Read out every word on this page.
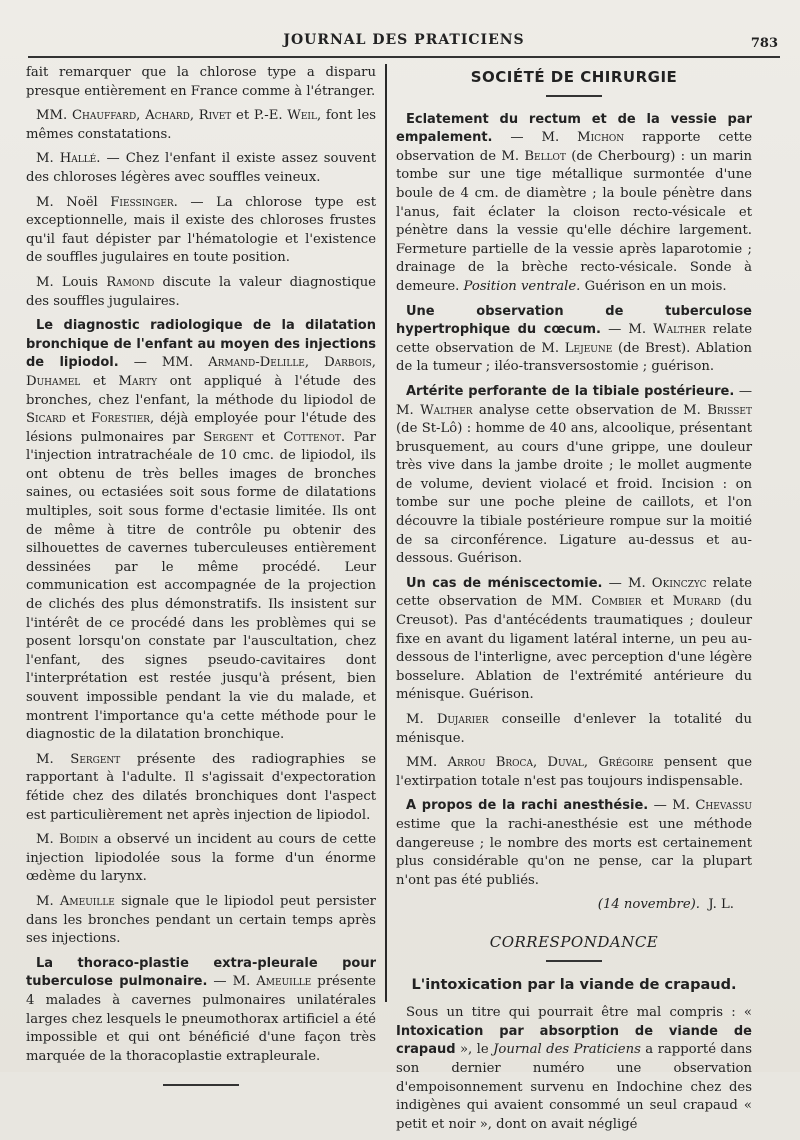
JOURNAL DES PRATICIENS	783

fait remarquer que la chlorose type a disparu presque entièrement en France comme à l'étranger.

MM. Chauffard, Achard, Rivet et P.-E. Weil, font les mêmes constatations.

M. Hallé. — Chez l'enfant il existe assez souvent des chloroses légères avec souffles veineux.

M. Noël Fiessinger. — La chlorose type est exceptionnelle, mais il existe des chloroses frustes qu'il faut dépister par l'hématologie et l'existence de souffles jugulaires en toute position.

M. Louis Ramond discute la valeur diagnostique des souffles jugulaires.

Le diagnostic radiologique de la dilatation bronchique de l'enfant au moyen des injections de lipiodol. — MM. Armand-Delille, Darbois, Duhamel et Marty ont appliqué à l'étude des bronches, chez l'enfant, la méthode du lipiodol de Sicard et Forestier, déjà employée pour l'étude des lésions pulmonaires par Sergent et Cottenot. Par l'injection intratrachéale de 10 cmc. de lipiodol, ils ont obtenu de très belles images de bronches saines, ou ectasiées soit sous forme de dilatations multiples, soit sous forme d'ectasie limitée. Ils ont de même à titre de contrôle pu obtenir des silhouettes de cavernes tuberculeuses entièrement dessinées par le même procédé. Leur communication est accompagnée de la projection de clichés des plus démonstratifs. Ils insistent sur l'intérêt de ce procédé dans les problèmes qui se posent lorsqu'on constate par l'auscultation, chez l'enfant, des signes pseudo-cavitaires dont l'interprétation est restée jusqu'à présent, bien souvent impossible pendant la vie du malade, et montrent l'importance qu'a cette méthode pour le diagnostic de la dilatation bronchique.

M. Sergent présente des radiographies se rapportant à l'adulte. Il s'agissait d'expectoration fétide chez des dilatés bronchiques dont l'aspect est particulièrement net après injection de lipiodol.

M. Boidin a observé un incident au cours de cette injection lipiodolée sous la forme d'un énorme œdème du larynx.

M. Ameuille signale que le lipiodol peut persister dans les bronches pendant un certain temps après ses injections.

La thoraco-plastie extra-pleurale pour tuberculose pulmonaire. — M. Ameuille présente 4 malades à cavernes pulmonaires unilatérales larges chez lesquels le pneumothorax artificiel a été impossible et qui ont bénéficié d'une façon très marquée de la thoracoplastie extrapleurale.

SOCIÉTÉ DE CHIRURGIE

Eclatement du rectum et de la vessie par empalement. — M. Michon rapporte cette observation de M. Bellot (de Cherbourg) : un marin tombe sur une tige métallique surmontée d'une boule de 4 cm. de diamètre ; la boule pénètre dans l'anus, fait éclater la cloison recto-vésicale et pénètre dans la vessie qu'elle déchire largement. Fermeture partielle de la vessie après laparotomie ; drainage de la brèche recto-vésicale. Sonde à demeure. Position ventrale. Guérison en un mois.

Une observation de tuberculose hypertrophique du cœcum. — M. Walther relate cette observation de M. Lejeune (de Brest). Ablation de la tumeur ; iléo-transversostomie ; guérison.

Artérite perforante de la tibiale postérieure. — M. Walther analyse cette observation de M. Brisset (de St-Lô) : homme de 40 ans, alcoolique, présentant brusquement, au cours d'une grippe, une douleur très vive dans la jambe droite ; le mollet augmente de volume, devient violacé et froid. Incision : on tombe sur une poche pleine de caillots, et l'on découvre la tibiale postérieure rompue sur la moitié de sa circonférence. Ligature au-dessus et au-dessous. Guérison.

Un cas de méniscectomie. — M. Okinczyc relate cette observation de MM. Combier et Murard (du Creusot). Pas d'antécédents traumatiques ; douleur fixe en avant du ligament latéral interne, un peu au-dessous de l'interligne, avec perception d'une légère bosselure. Ablation de l'extrémité antérieure du ménisque. Guérison.

M. Dujarier conseille d'enlever la totalité du ménisque.

MM. Arrou Broca, Duval, Grégoire pensent que l'extirpation totale n'est pas toujours indispensable.

A propos de la rachi anesthésie. — M. Chevassu estime que la rachi-anesthésie est une méthode dangereuse ; le nombre des morts est certainement plus considérable qu'on ne pense, car la plupart n'ont pas été publiés.

(14 novembre). J. L.
CORRESPONDANCE
L'intoxication par la viande de crapaud.

Sous un titre qui pourrait être mal compris : « Intoxication par absorption de viande de crapaud », le Journal des Praticiens a rapporté dans son dernier numéro une observation d'empoisonnement survenu en Indochine chez des indigènes qui avaient consommé un seul crapaud « petit et noir », dont on avait négligé
